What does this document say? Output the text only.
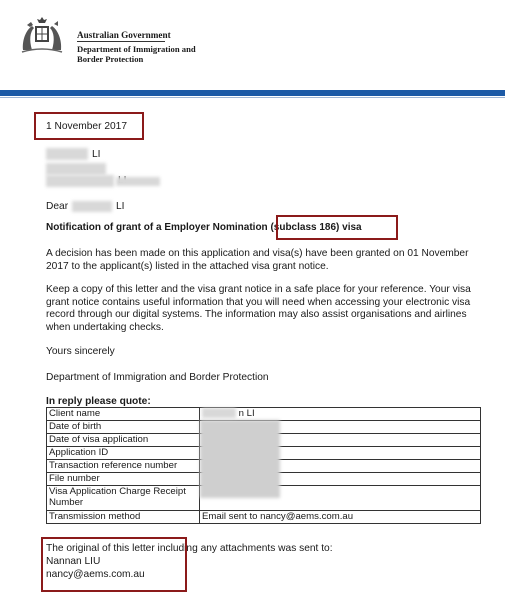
Australian Government
Department of Immigration and Border Protection
1 November 2017
LI
Dear	LI
Notification of grant of a Employer Nomination (subclass 186) visa
A decision has been made on this application and visa(s) have been granted on 01 November 2017 to the applicant(s) listed in the attached visa grant notice.
Keep a copy of this letter and the visa grant notice in a safe place for your reference. Your visa grant notice contains useful information that you will need when accessing your electronic visa record through our digital systems. The information may also assist organisations and airlines when undertaking checks.
Yours sincerely
Department of Immigration and Border Protection
In reply please quote:
Client name	n LI
Date of birth	
Date of visa application	
Application ID	
Transaction reference number	
File number	
Visa Application Charge Receipt Number	
Transmission method	Email sent to nancy@aems.com.au
The original of this letter including any attachments was sent to:
Nannan LIU
nancy@aems.com.au
